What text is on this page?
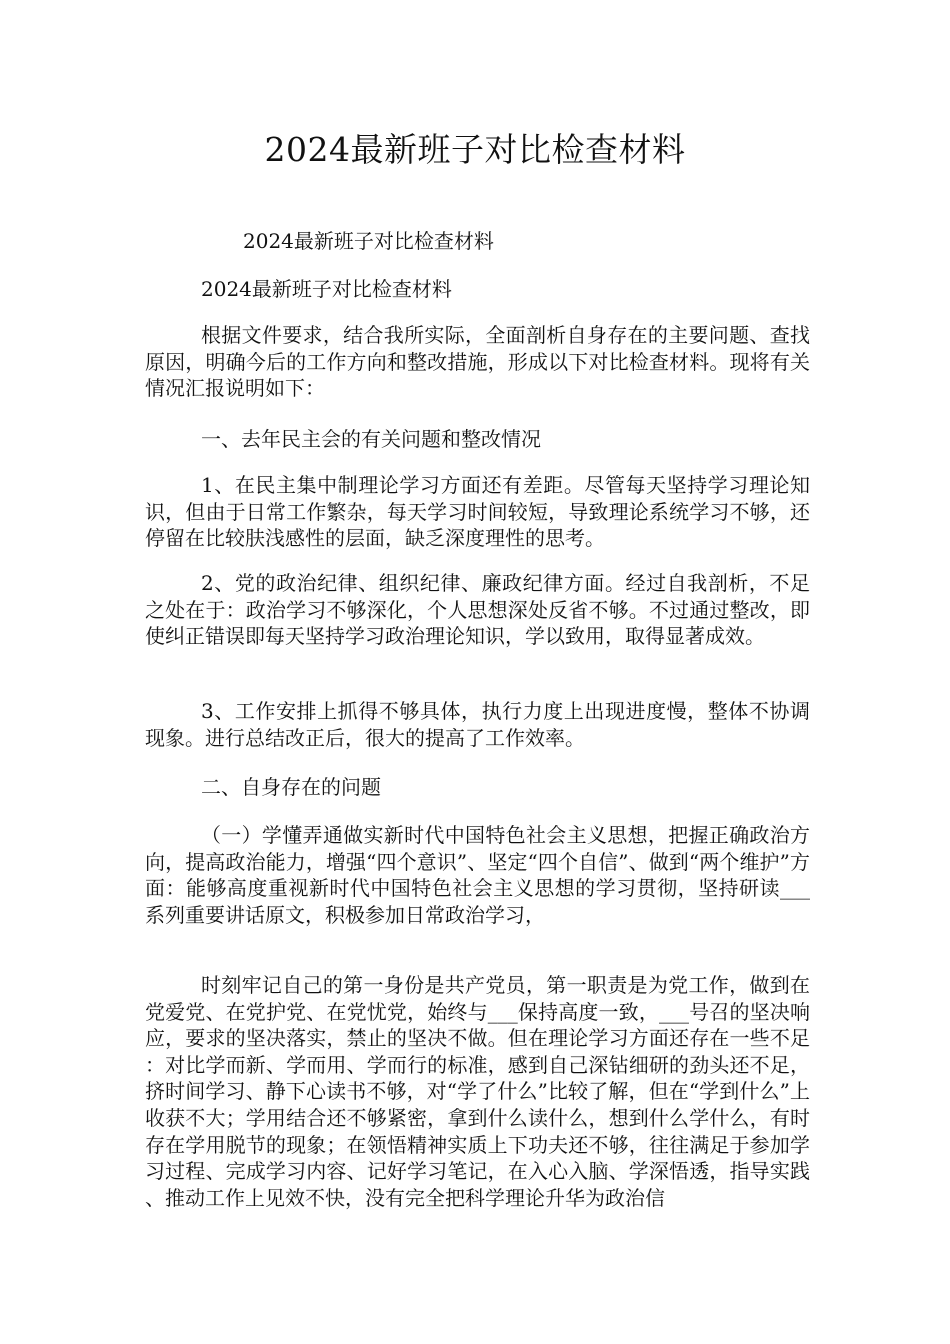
2024最新班子对比检查材料
2024最新班子对比检查材料
2024最新班子对比检查材料
根据文件要求，结合我所实际，全面剖析自身存在的主要问题、查找原因，明确今后的工作方向和整改措施，形成以下对比检查材料。现将有关情况汇报说明如下：
一、去年民主会的有关问题和整改情况
1、在民主集中制理论学习方面还有差距。尽管每天坚持学习理论知识，但由于日常工作繁杂，每天学习时间较短，导致理论系统学习不够，还停留在比较肤浅感性的层面，缺乏深度理性的思考。
2、党的政治纪律、组织纪律、廉政纪律方面。经过自我剖析，不足之处在于：政治学习不够深化，个人思想深处反省不够。不过通过整改，即使纠正错误即每天坚持学习政治理论知识，学以致用，取得显著成效。
3、工作安排上抓得不够具体，执行力度上出现进度慢，整体不协调现象。进行总结改正后，很大的提高了工作效率。
二、自身存在的问题
（一）学懂弄通做实新时代中国特色社会主义思想，把握正确政治方向，提高政治能力，增强“四个意识”、坚定“四个自信”、做到“两个维护”方面：能够高度重视新时代中国特色社会主义思想的学习贯彻，坚持研读___系列重要讲话原文，积极参加日常政治学习，
时刻牢记自己的第一身份是共产党员，第一职责是为党工作，做到在党爱党、在党护党、在党忧党，始终与___保持高度一致，___号召的坚决响应，要求的坚决落实，禁止的坚决不做。但在理论学习方面还存在一些不足：对比学而新、学而用、学而行的标准，感到自己深钻细研的劲头还不足，挤时间学习、静下心读书不够，对“学了什么”比较了解，但在“学到什么”上收获不大；学用结合还不够紧密，拿到什么读什么，想到什么学什么，有时存在学用脱节的现象；在领悟精神实质上下功夫还不够，往往满足于参加学习过程、完成学习内容、记好学习笔记，在入心入脑、学深悟透，指导实践、推动工作上见效不快，没有完全把科学理论升华为政治信
